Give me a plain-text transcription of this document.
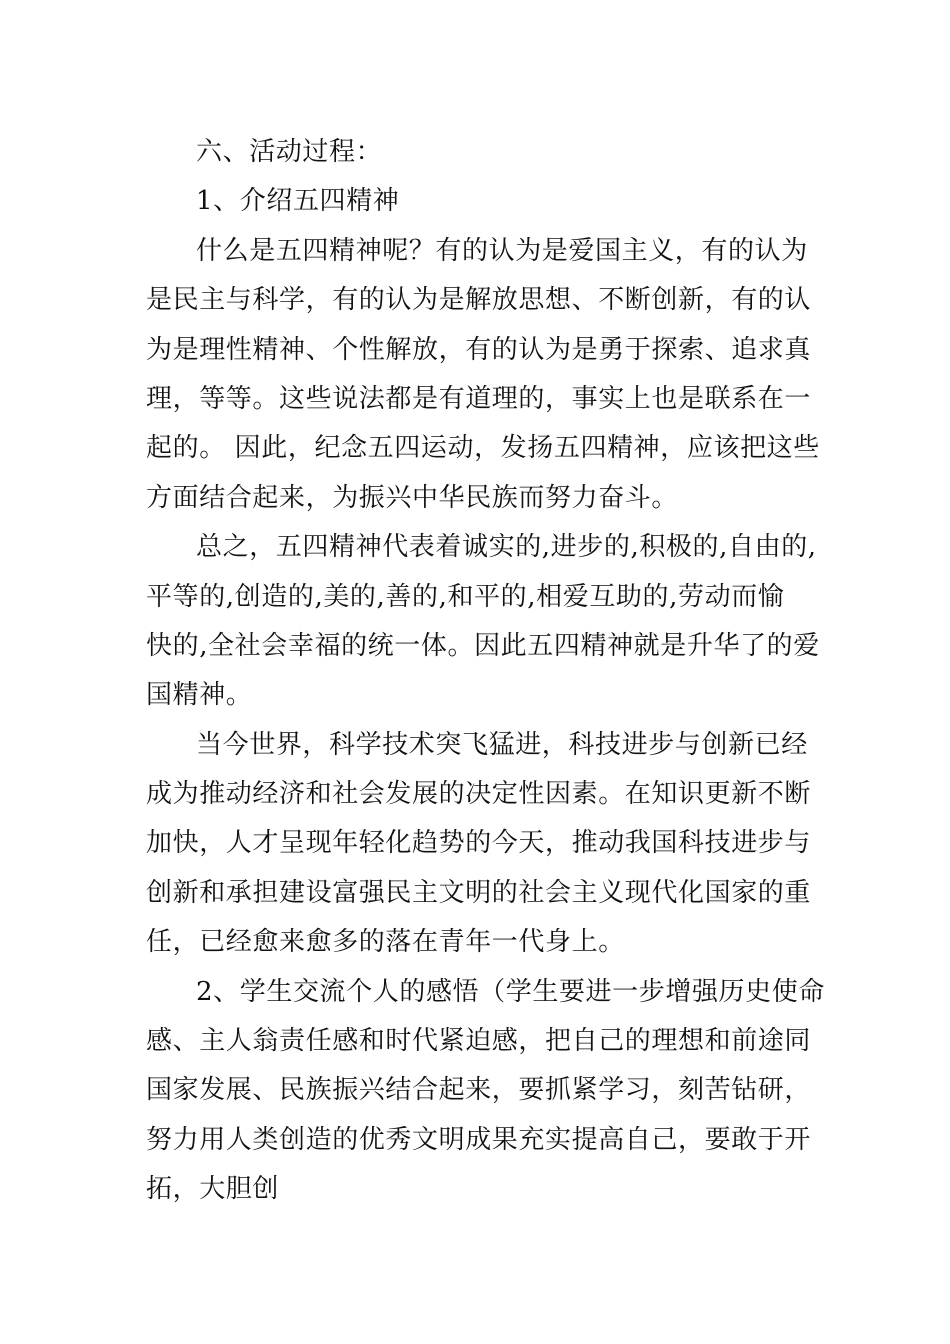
六、活动过程：
1、介绍五四精神
什么是五四精神呢？有的认为是爱国主义，有的认为
是民主与科学，有的认为是解放思想、不断创新，有的认
为是理性精神、个性解放，有的认为是勇于探索、追求真
理，等等。这些说法都是有道理的，事实上也是联系在一
起的。 因此，纪念五四运动，发扬五四精神，应该把这些
方面结合起来，为振兴中华民族而努力奋斗。
总之，五四精神代表着诚实的,进步的,积极的,自由的,
平等的,创造的,美的,善的,和平的,相爱互助的,劳动而愉
快的,全社会幸福的统一体。因此五四精神就是升华了的爱
国精神。
当今世界，科学技术突飞猛进，科技进步与创新已经
成为推动经济和社会发展的决定性因素。在知识更新不断
加快，人才呈现年轻化趋势的今天，推动我国科技进步与
创新和承担建设富强民主文明的社会主义现代化国家的重
任，已经愈来愈多的落在青年一代身上。
2、学生交流个人的感悟（学生要进一步增强历史使命
感、主人翁责任感和时代紧迫感，把自己的理想和前途同
国家发展、民族振兴结合起来，要抓紧学习，刻苦钻研，
努力用人类创造的优秀文明成果充实提高自己，要敢于开
拓，大胆创
